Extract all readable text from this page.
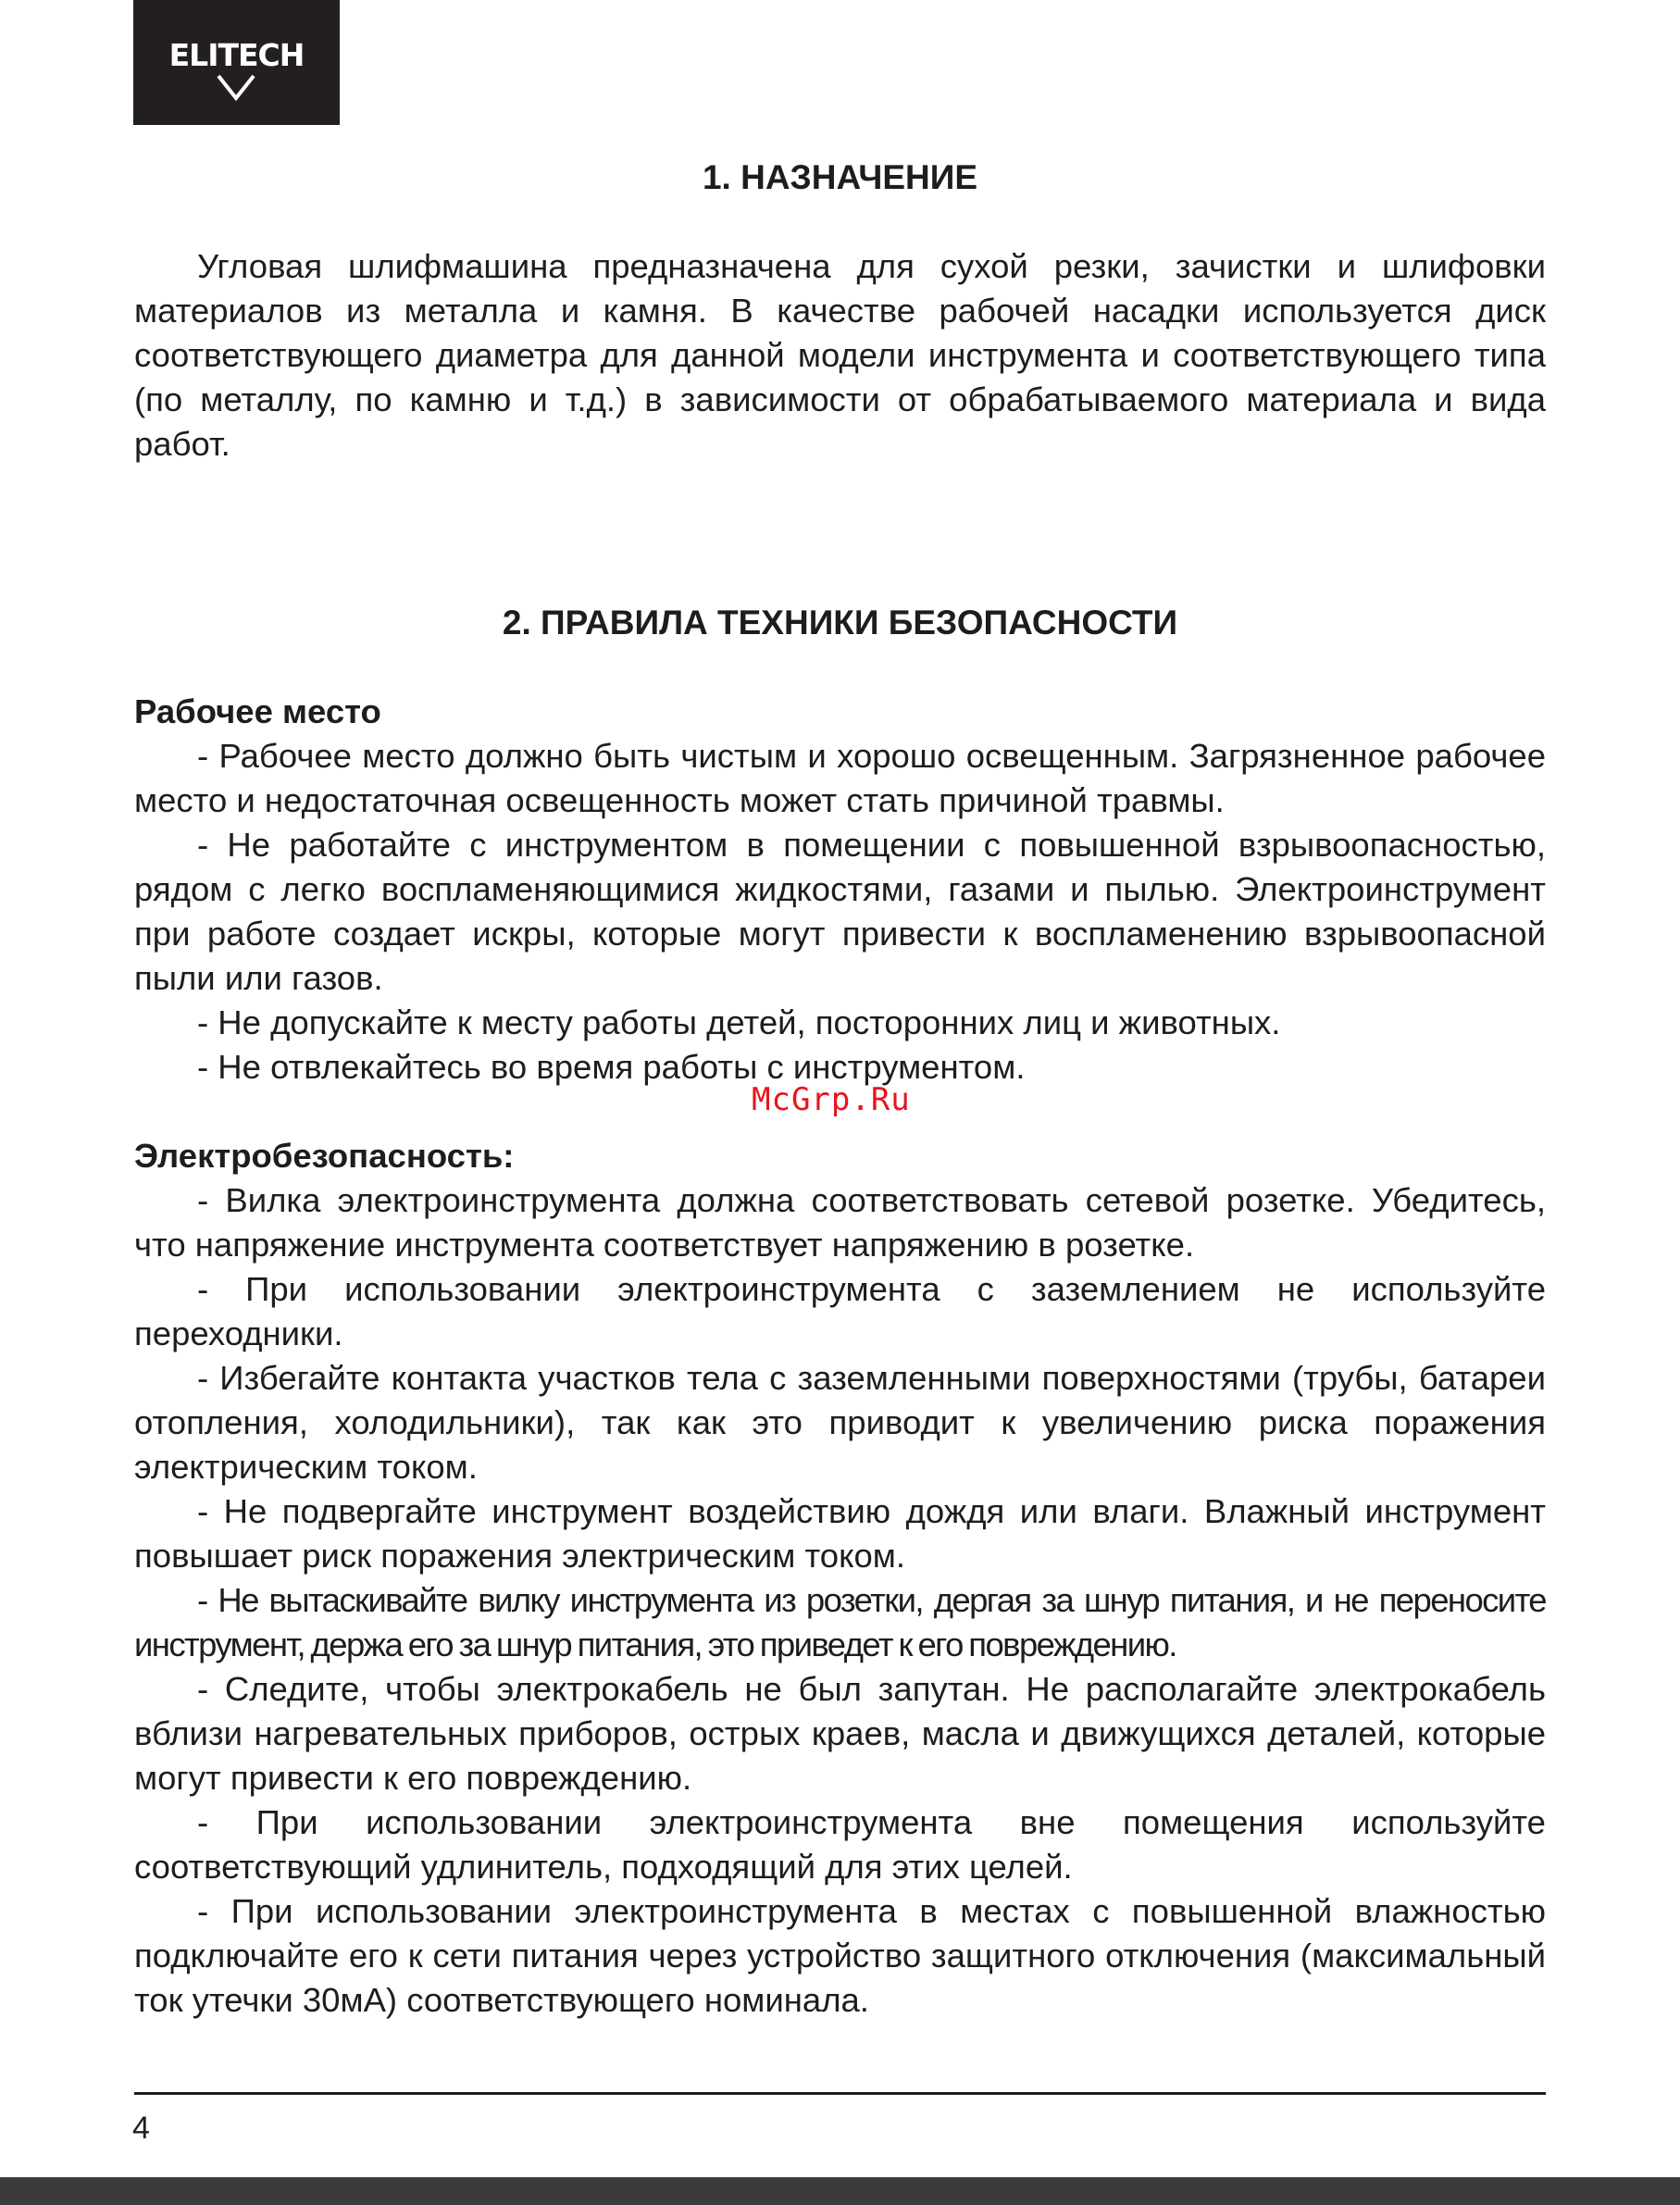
ELITECH
1. НАЗНАЧЕНИЕ

Угловая шлифмашина предназначена для сухой резки, зачистки и шлифовки материалов из металла и камня. В качестве рабочей насадки используется диск соответствующего диаметра для данной модели инструмента и соответствующего типа (по металлу, по камню и т.д.) в зависимости от обрабатываемого материала и вида работ.

2. ПРАВИЛА ТЕХНИКИ БЕЗОПАСНОСТИ

Рабочее место

- Рабочее место должно быть чистым и хорошо освещенным. Загрязненное рабочее место и недостаточная освещенность может стать причиной травмы.

- Не работайте с инструментом в помещении с повышенной взрывоопасностью, рядом с легко воспламеняющимися жидкостями, газами и пылью. Электроинструмент при работе создает искры, которые могут привести к воспламенению взрывоопасной пыли или газов.

- Не допускайте к месту работы детей, посторонних лиц и животных.

- Не отвлекайтесь во время работы с инструментом.

Электробезопасность:

- Вилка электроинструмента должна соответствовать сетевой розетке. Убедитесь, что напряжение инструмента соответствует напряжению в розетке.

- При использовании электроинструмента с заземлением не используйте переходники.

- Избегайте контакта участков тела с заземленными поверхностями (трубы, батареи отопления, холодильники), так как это приводит к увеличению риска поражения электрическим током.

- Не подвергайте инструмент воздействию дождя или влаги. Влажный инструмент повышает риск поражения электрическим током.

- Не вытаскивайте вилку инструмента из розетки, дергая за шнур питания, и не переносите инструмент, держа его за шнур питания, это приведет к его повреждению.

- Следите, чтобы электрокабель не был запутан. Не располагайте электрокабель вблизи нагревательных приборов, острых краев, масла и движущихся деталей, которые могут привести к его повреждению.

- При использовании электроинструмента вне помещения используйте соответствующий удлинитель, подходящий для этих целей.

- При использовании электроинструмента в местах с повышенной влажностью подключайте его к сети питания через устройство защитного отключения (максимальный ток утечки 30мА) соответствующего номинала.

McGrp.Ru
4
